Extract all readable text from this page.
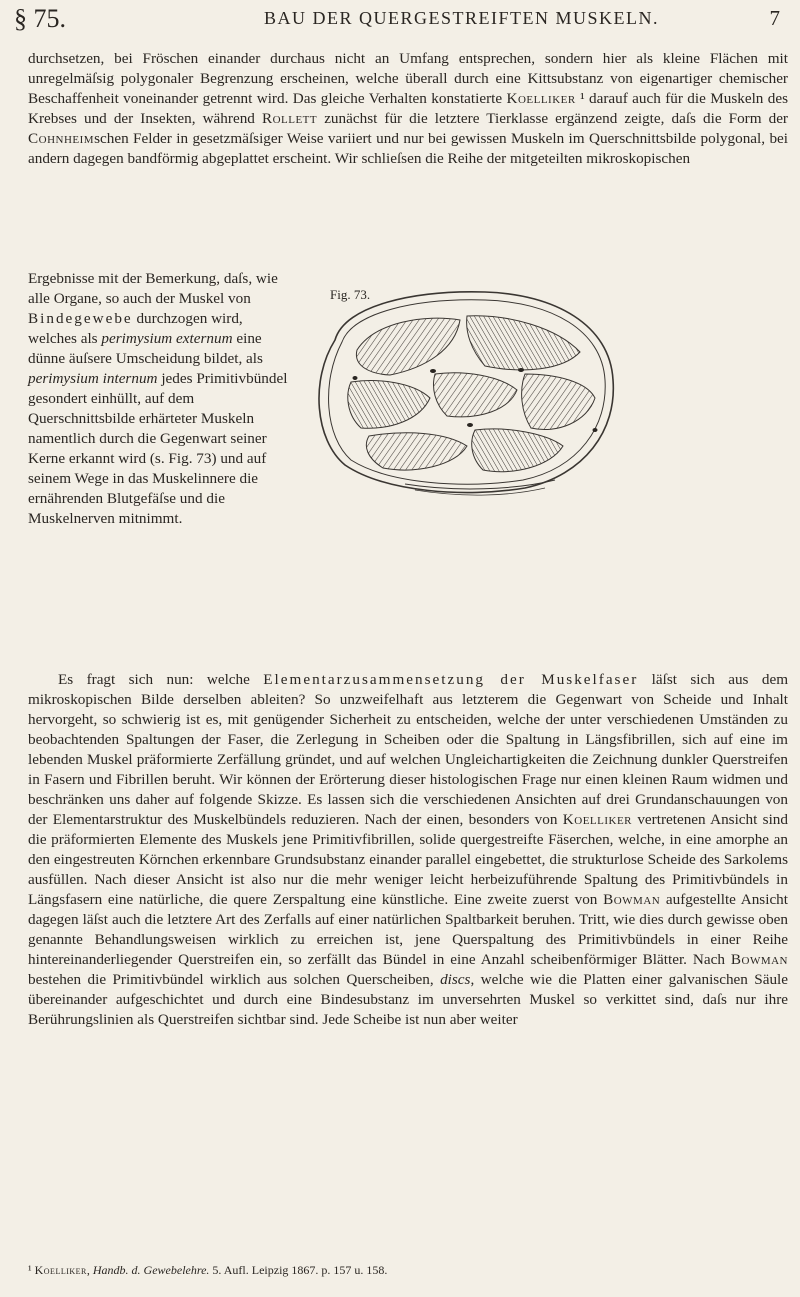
§ 75.	BAU DER QUERGESTREIFTEN MUSKELN.	7
durchsetzen, bei Fröschen einander durchaus nicht an Umfang entsprechen, sondern hier als kleine Flächen mit unregelmäſsig polygonaler Begrenzung erscheinen, welche überall durch eine Kittsubstanz von eigenartiger chemischer Beschaffenheit voneinander getrennt wird. Das gleiche Verhalten konstatierte Koelliker ¹ darauf auch für die Muskeln des Krebses und der Insekten, während Rollett zunächst für die letztere Tierklasse ergänzend zeigte, daſs die Form der Cohnheimschen Felder in gesetzmäſsiger Weise variiert und nur bei gewissen Muskeln im Querschnittsbilde polygonal, bei andern dagegen bandförmig abgeplattet erscheint. Wir schlieſsen die Reihe der mitgeteilten mikroskopischen
Ergebnisse mit der Bemerkung, daſs, wie alle Organe, so auch der Muskel von Bindegewebe durchzogen wird, welches als perimysium externum eine dünne äuſsere Umscheidung bildet, als perimysium internum jedes Primitivbündel gesondert einhüllt, auf dem Querschnittsbilde erhärteter Muskeln namentlich durch die Gegenwart seiner Kerne erkannt wird (s. Fig. 73) und auf seinem Wege in das Muskelinnere die ernährenden Blutgefäſse und die Muskelnerven mitnimmt.
Fig. 73.
Es fragt sich nun: welche Elementarzusammensetzung der Muskelfaser läſst sich aus dem mikroskopischen Bilde derselben ableiten? So unzweifelhaft aus letzterem die Gegenwart von Scheide und Inhalt hervorgeht, so schwierig ist es, mit genügender Sicherheit zu entscheiden, welche der unter verschiedenen Umständen zu beobachtenden Spaltungen der Faser, die Zerlegung in Scheiben oder die Spaltung in Längsfibrillen, sich auf eine im lebenden Muskel präformierte Zerfällung gründet, und auf welchen Ungleichartigkeiten die Zeichnung dunkler Querstreifen in Fasern und Fibrillen beruht. Wir können der Erörterung dieser histologischen Frage nur einen kleinen Raum widmen und beschränken uns daher auf folgende Skizze. Es lassen sich die verschiedenen Ansichten auf drei Grundanschauungen von der Elementarstruktur des Muskelbündels reduzieren. Nach der einen, besonders von Koelliker vertretenen Ansicht sind die präformierten Elemente des Muskels jene Primitivfibrillen, solide quergestreifte Fäserchen, welche, in eine amorphe an den eingestreuten Körnchen erkennbare Grundsubstanz einander parallel eingebettet, die strukturlose Scheide des Sarkolems ausfüllen. Nach dieser Ansicht ist also nur die mehr weniger leicht herbeizuführende Spaltung des Primitivbündels in Längsfasern eine natürliche, die quere Zerspaltung eine künstliche. Eine zweite zuerst von Bowman aufgestellte Ansicht dagegen läſst auch die letztere Art des Zerfalls auf einer natürlichen Spaltbarkeit beruhen. Tritt, wie dies durch gewisse oben genannte Behandlungsweisen wirklich zu erreichen ist, jene Querspaltung des Primitivbündels in einer Reihe hintereinanderliegender Querstreifen ein, so zerfällt das Bündel in eine Anzahl scheibenförmiger Blätter. Nach Bowman bestehen die Primitivbündel wirklich aus solchen Querscheiben, discs, welche wie die Platten einer galvanischen Säule übereinander aufgeschichtet und durch eine Bindesubstanz im unversehrten Muskel so verkittet sind, daſs nur ihre Berührungslinien als Querstreifen sichtbar sind. Jede Scheibe ist nun aber weiter
¹ Koelliker, Handb. d. Gewebelehre. 5. Aufl. Leipzig 1867. p. 157 u. 158.
